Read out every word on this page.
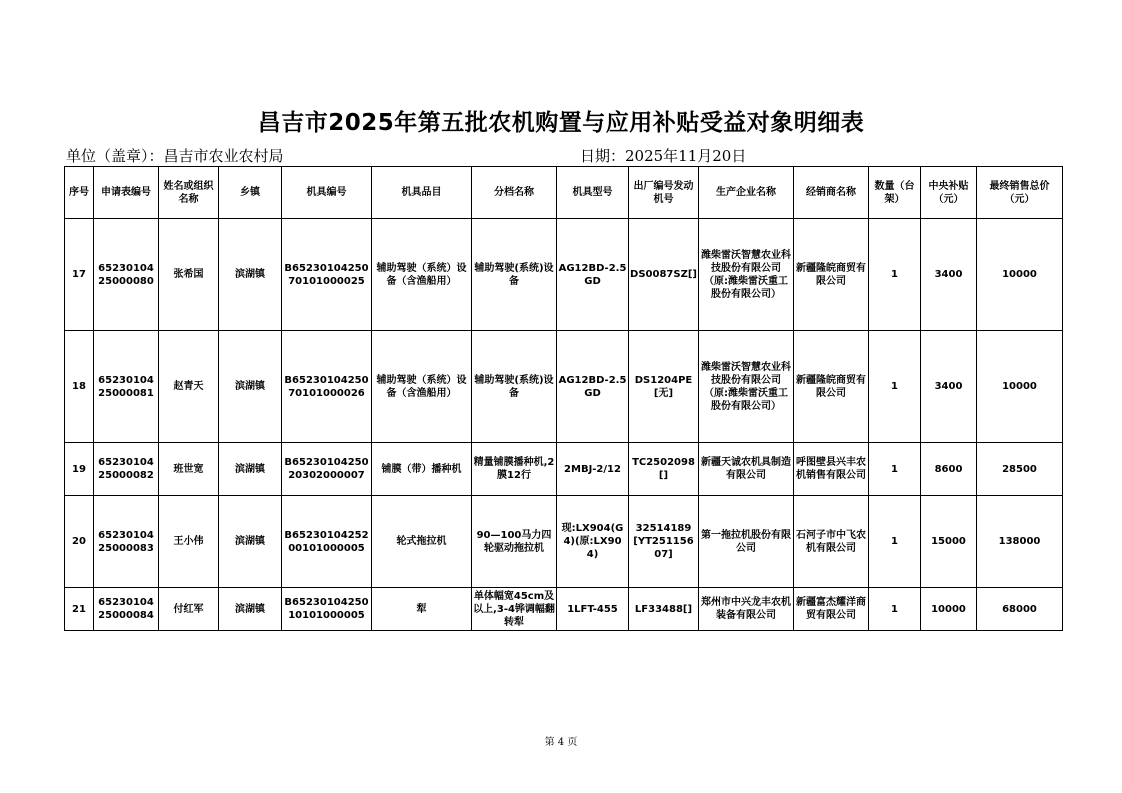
昌吉市2025年第五批农机购置与应用补贴受益对象明细表
单位（盖章）：昌吉市农业农村局	日期：2025年11月20日
序号	申请表编号	姓名或组织名称	乡镇	机具编号	机具品目	分档名称	机具型号	出厂编号发动机号	生产企业名称	经销商名称	数量（台架）	中央补贴（元）	最终销售总价（元）
17	6523010425000080	张希国	滨湖镇	B6523010425070101000025	辅助驾驶（系统）设备（含渔船用）	辅助驾驶(系统)设备	AG12BD-2.5GD	DS0087SZ[]	潍柴雷沃智慧农业科技股份有限公司（原:潍柴雷沃重工股份有限公司）	新疆隆皖商贸有限公司	1	3400	10000
18	6523010425000081	赵青天	滨湖镇	B6523010425070101000026	辅助驾驶（系统）设备（含渔船用）	辅助驾驶(系统)设备	AG12BD-2.5GD	DS1204PE[无]	潍柴雷沃智慧农业科技股份有限公司（原:潍柴雷沃重工股份有限公司）	新疆隆皖商贸有限公司	1	3400	10000
19	6523010425000082	班世宽	滨湖镇	B6523010425020302000007	铺膜（带）播种机	精量铺膜播种机,2膜12行	2MBJ-2/12	TC2502098[]	新疆天诚农机具制造有限公司	呼图壁县兴丰农机销售有限公司	1	8600	28500
20	6523010425000083	王小伟	滨湖镇	B6523010425200101000005	轮式拖拉机	90—100马力四轮驱动拖拉机	现:LX904(G4)(原:LX904)	32514189[YT25115607]	第一拖拉机股份有限公司	石河子市中飞农机有限公司	1	15000	138000
21	6523010425000084	付红军	滨湖镇	B6523010425010101000005	犁	单体幅宽45cm及以上,3-4铧调幅翻转犁	1LFT-455	LF33488[]	郑州市中兴龙丰农机装备有限公司	新疆富杰耀洋商贸有限公司	1	10000	68000
第 4 页
